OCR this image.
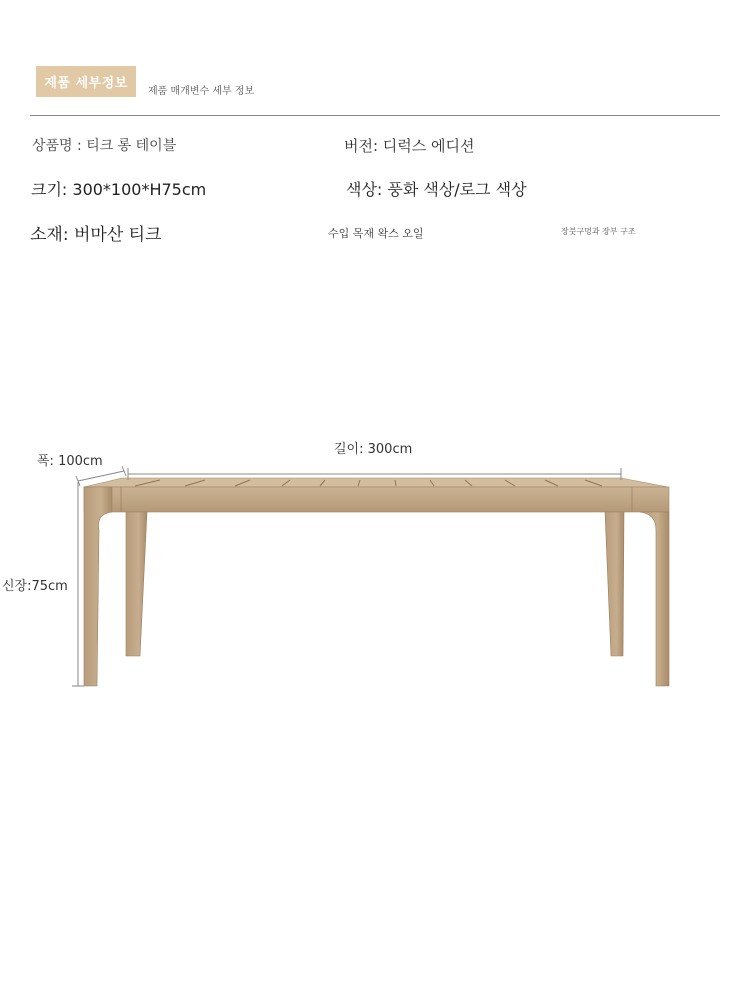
제품 세부정보
제품 매개변수 세부 정보
상품명 : 티크 롱 테이블	버전: 디럭스 에디션
크기: 300*100*H75cm	색상: 풍화 색상/로그 색상
소재: 버마산 티크	수입 목재 왁스 오일	장붓구멍과 장부 구조
폭: 100cm
길이: 300cm
신장:75cm
